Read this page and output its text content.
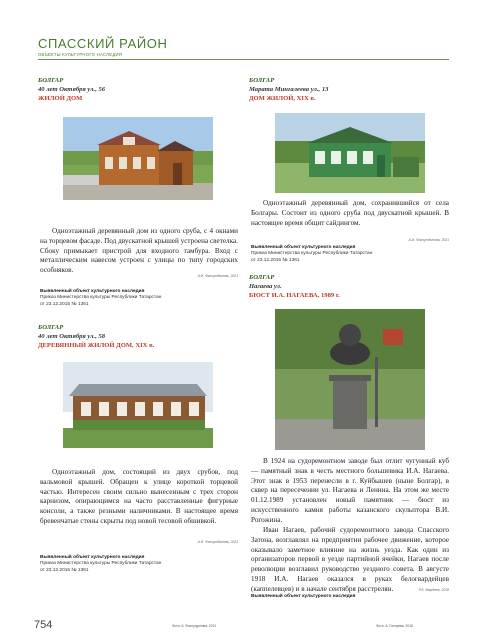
СПАССКИЙ РАЙОН
ОБЪЕКТЫ КУЛЬТУРНОГО НАСЛЕДИЯ
БОЛГАР
40 лет Октября ул., 56
ЖИЛОЙ ДОМ
Одноэтажный деревянный дом из одного сруба, с 4 окнами на торцевом фасаде. Под двускатной крышей устроена светелка. Сбоку примыкает пристрой для входного тамбура. Вход с металлическим навесом устроен с улицы по типу городских особняков.
А.И. Фасхутдинова, 2021
Выявленный объект культурного наследия
Приказ Министерства культуры Республики Татарстан
от 23.12.2015 № 1361
БОЛГАР
Марата Мингалеева ул., 13
ДОМ ЖИЛОЙ, XIX в.
Одноэтажный деревянный дом, сохранившийся от села Болгары. Состоит из одного сруба под двускатной крышей. В настоящее время общит сайдингом.
А.И. Фасхутдинова, 2021
Выявленный объект культурного наследия
Приказ Министерства культуры Республики Татарстан
от 23.12.2015 № 1361
БОЛГАР
Нагаева ул.
БЮСТ И.А. НАГАЕВА, 1989 г.
В 1924 на судоремонтном заводе был отлит чугунный куб — памятный знак в честь местного большевика И.А. Нагаева. Этот знак в 1953 перенесли в г. Куйбышев (ныне Болгар), в сквер на пересечении ул. Нагаева и Ленина. На этом же месте 01.12.1989 установлен новый памятник — бюст из искусственного камня работы казанского скульптора В.И. Рогожина.
Иван Нагаев, рабочий судоремонтного завода Спасского Затона, возглавлял на предприятии рабочее движение, которое оказывало заметное влияние на жизнь уезда. Как один из организаторов первой в уезде партийной ячейки, Нагаев после революции возглавил руководство уездного совета. В августе 1918 И.А. Нагаев оказался в руках белогвардейцев (каппелевцев) и в начале сентября расстрелян.	Р.Б. Мардеев, 2018
Выявленный объект культурного наследия
БОЛГАР
40 лет Октября ул., 58
ДЕРЕВЯННЫЙ ЖИЛОЙ ДОМ, XIX в.
Одноэтажный дом, состоящий из двух срубов, под вальмовой крышей. Обращен к улице короткой торцевой частью. Интересен своим сильно вынесенным с трех сторон карнизом, опирающимся на часто расставленные фигурные консоли, а также резными наличниками. В настоящее время бревенчатые стены скрыты под новой тесовой обшивкой.
А.И. Фасхутдинова, 2021
Выявленный объект культурного наследия
Приказ Министерства культуры Республики Татарстан
от 23.12.2015 № 1361
754	Фото: А. Фасхутдинова, 2021	Фото: А. Галлуева, 2018
